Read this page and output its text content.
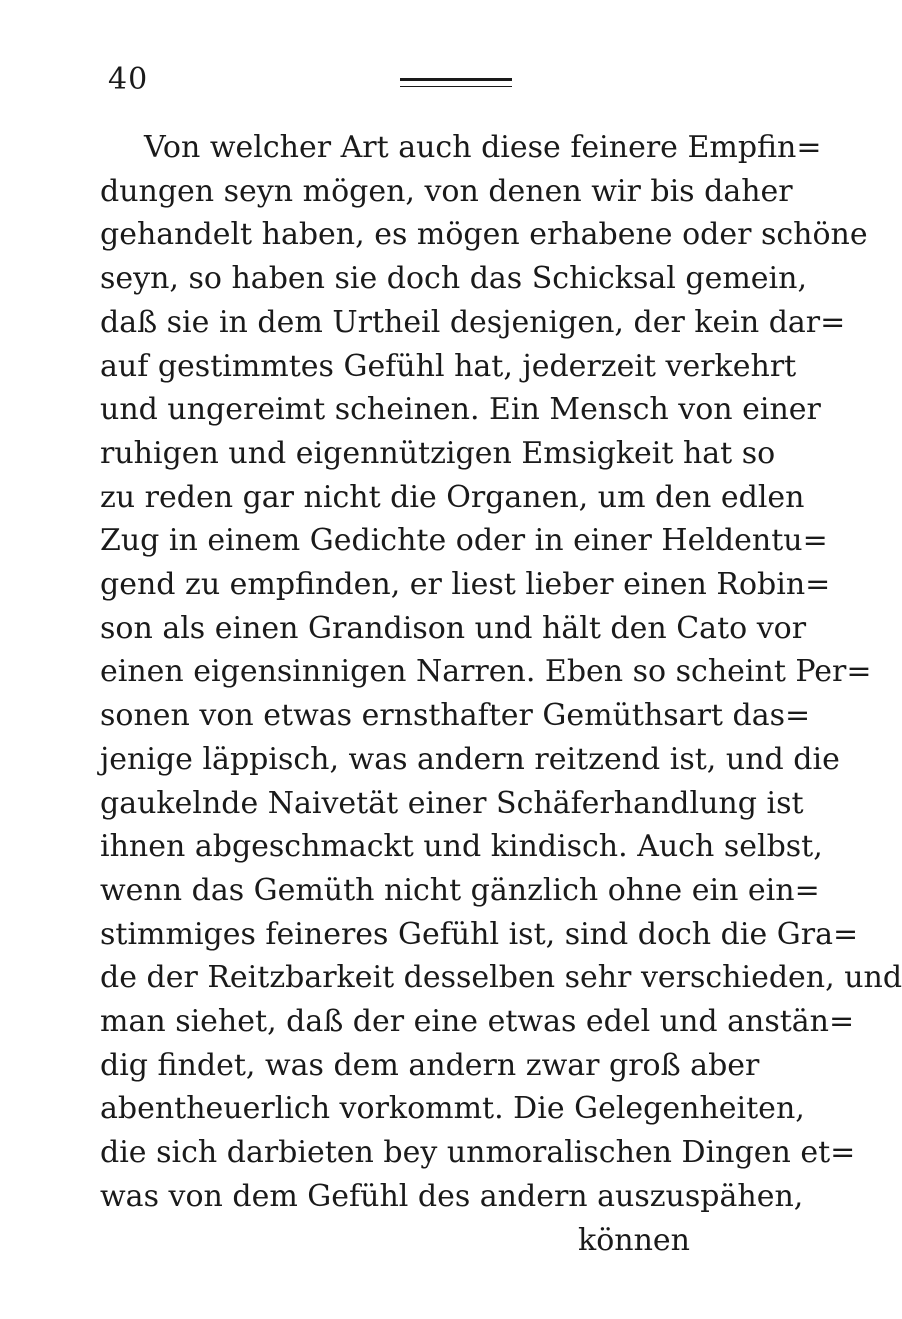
40
Von welcher Art auch diese feinere Empfin=
dungen seyn mögen, von denen wir bis daher
gehandelt haben, es mögen erhabene oder schöne
seyn, so haben sie doch das Schicksal gemein,
daß sie in dem Urtheil desjenigen, der kein dar=
auf gestimmtes Gefühl hat, jederzeit verkehrt
und ungereimt scheinen. Ein Mensch von einer
ruhigen und eigennützigen Emsigkeit hat so
zu reden gar nicht die Organen, um den edlen
Zug in einem Gedichte oder in einer Heldentu=
gend zu empfinden, er liest lieber einen Robin=
son als einen Grandison und hält den Cato vor
einen eigensinnigen Narren. Eben so scheint Per=
sonen von etwas ernsthafter Gemüthsart das=
jenige läppisch, was andern reitzend ist, und die
gaukelnde Naivetät einer Schäferhandlung ist
ihnen abgeschmackt und kindisch. Auch selbst,
wenn das Gemüth nicht gänzlich ohne ein ein=
stimmiges feineres Gefühl ist, sind doch die Gra=
de der Reitzbarkeit desselben sehr verschieden, und
man siehet, daß der eine etwas edel und anstän=
dig findet, was dem andern zwar groß aber
abentheuerlich vorkommt. Die Gelegenheiten,
die sich darbieten bey unmoralischen Dingen et=
was von dem Gefühl des andern auszuspähen,
können
